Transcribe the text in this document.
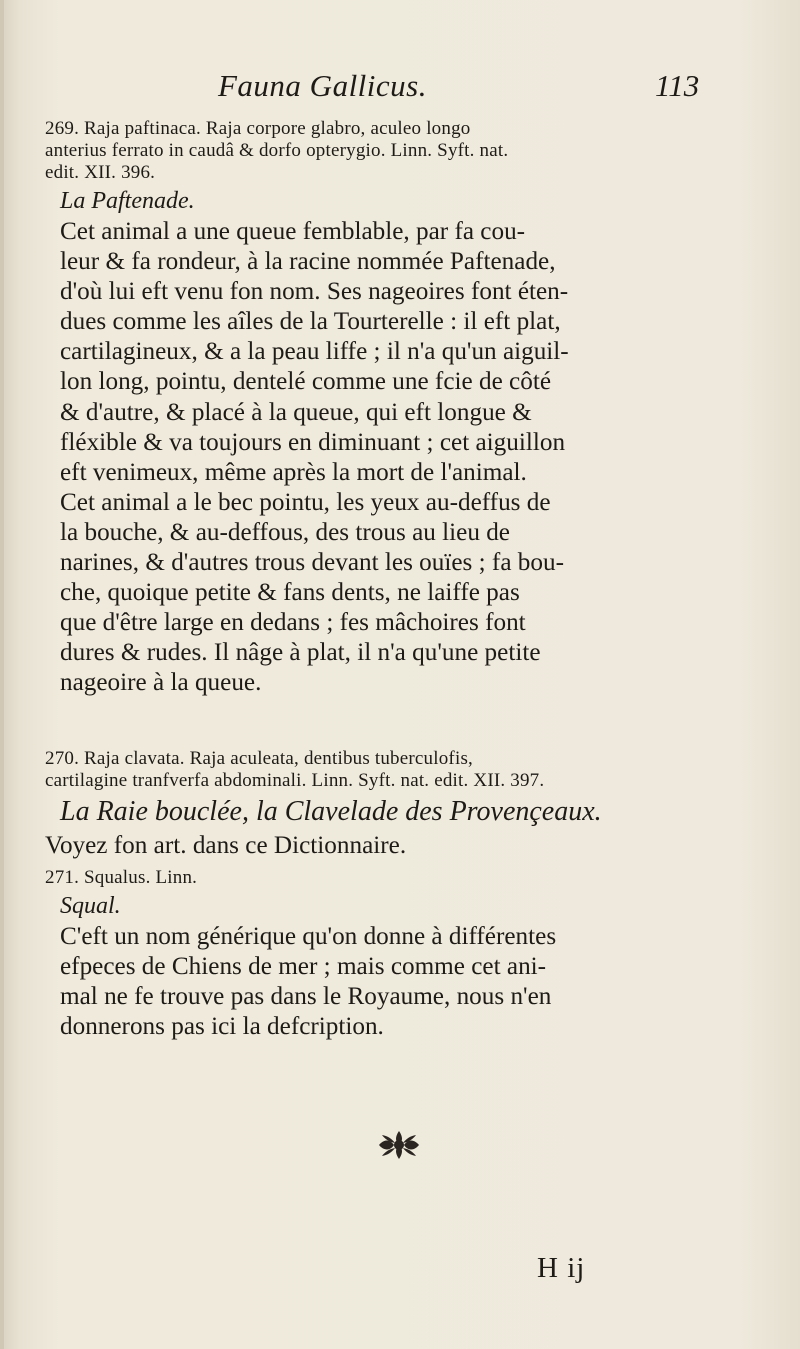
Fauna Gallicus.	113

269. Raja paftinaca. Raja corpore glabro, aculeo longo
anterius ferrato in caudâ & dorfo opterygio. Linn. Syft. nat.
edit. XII. 396.

La Paftenade.

Cet animal a une queue femblable, par fa cou-
leur & fa rondeur, à la racine nommée Paftenade,
d'où lui eft venu fon nom. Ses nageoires font éten-
dues comme les aîles de la Tourterelle : il eft plat,
cartilagineux, & a la peau liffe ; il n'a qu'un aiguil-
lon long, pointu, dentelé comme une fcie de côté
& d'autre, & placé à la queue, qui eft longue &
fléxible & va toujours en diminuant ; cet aiguillon
eft venimeux, même après la mort de l'animal.
Cet animal a le bec pointu, les yeux au-deffus de
la bouche, & au-deffous, des trous au lieu de
narines, & d'autres trous devant les ouïes ; fa bou-
che, quoique petite & fans dents, ne laiffe pas
que d'être large en dedans ; fes mâchoires font
dures & rudes. Il nâge à plat, il n'a qu'une petite
nageoire à la queue.

270. Raja clavata. Raja aculeata, dentibus tuberculofis,
cartilagine tranfverfa abdominali. Linn. Syft. nat. edit. XII. 397.

La Raie bouclée, la Clavelade des Provençeaux.

Voyez fon art. dans ce Dictionnaire.

271. Squalus. Linn.

Squal.

C'eft un nom générique qu'on donne à différentes
efpeces de Chiens de mer ; mais comme cet ani-
mal ne fe trouve pas dans le Royaume, nous n'en
donnerons pas ici la defcription.

H ij
